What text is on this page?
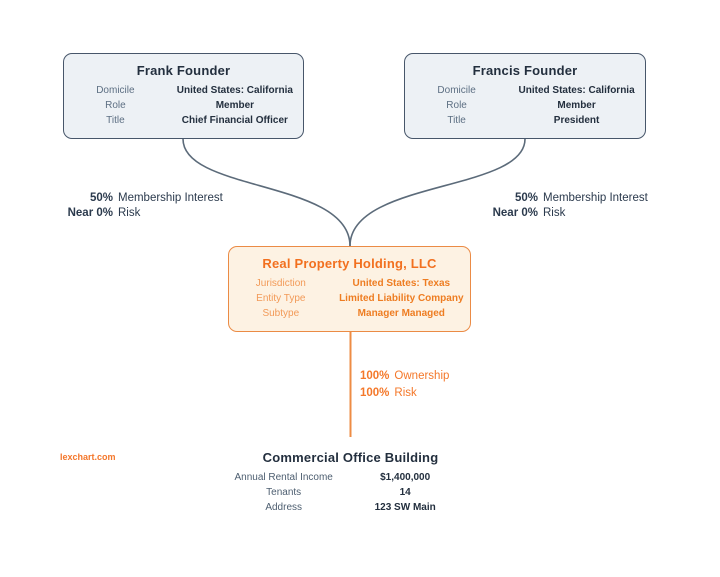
Frank Founder
Domicile	United States: California
Role	Member
Title	Chief Financial Officer
Francis Founder
Domicile	United States: California
Role	Member
Title	President
Real Property Holding, LLC
Jurisdiction	United States: Texas
Entity Type	Limited Liability Company
Subtype	Manager Managed
Commercial Office Building
Annual Rental Income	$1,400,000
Tenants	14
Address	123 SW Main
50% Membership Interest
Near 0% Risk
50% Membership Interest
Near 0% Risk
100% Ownership
100% Risk
lexchart.com
